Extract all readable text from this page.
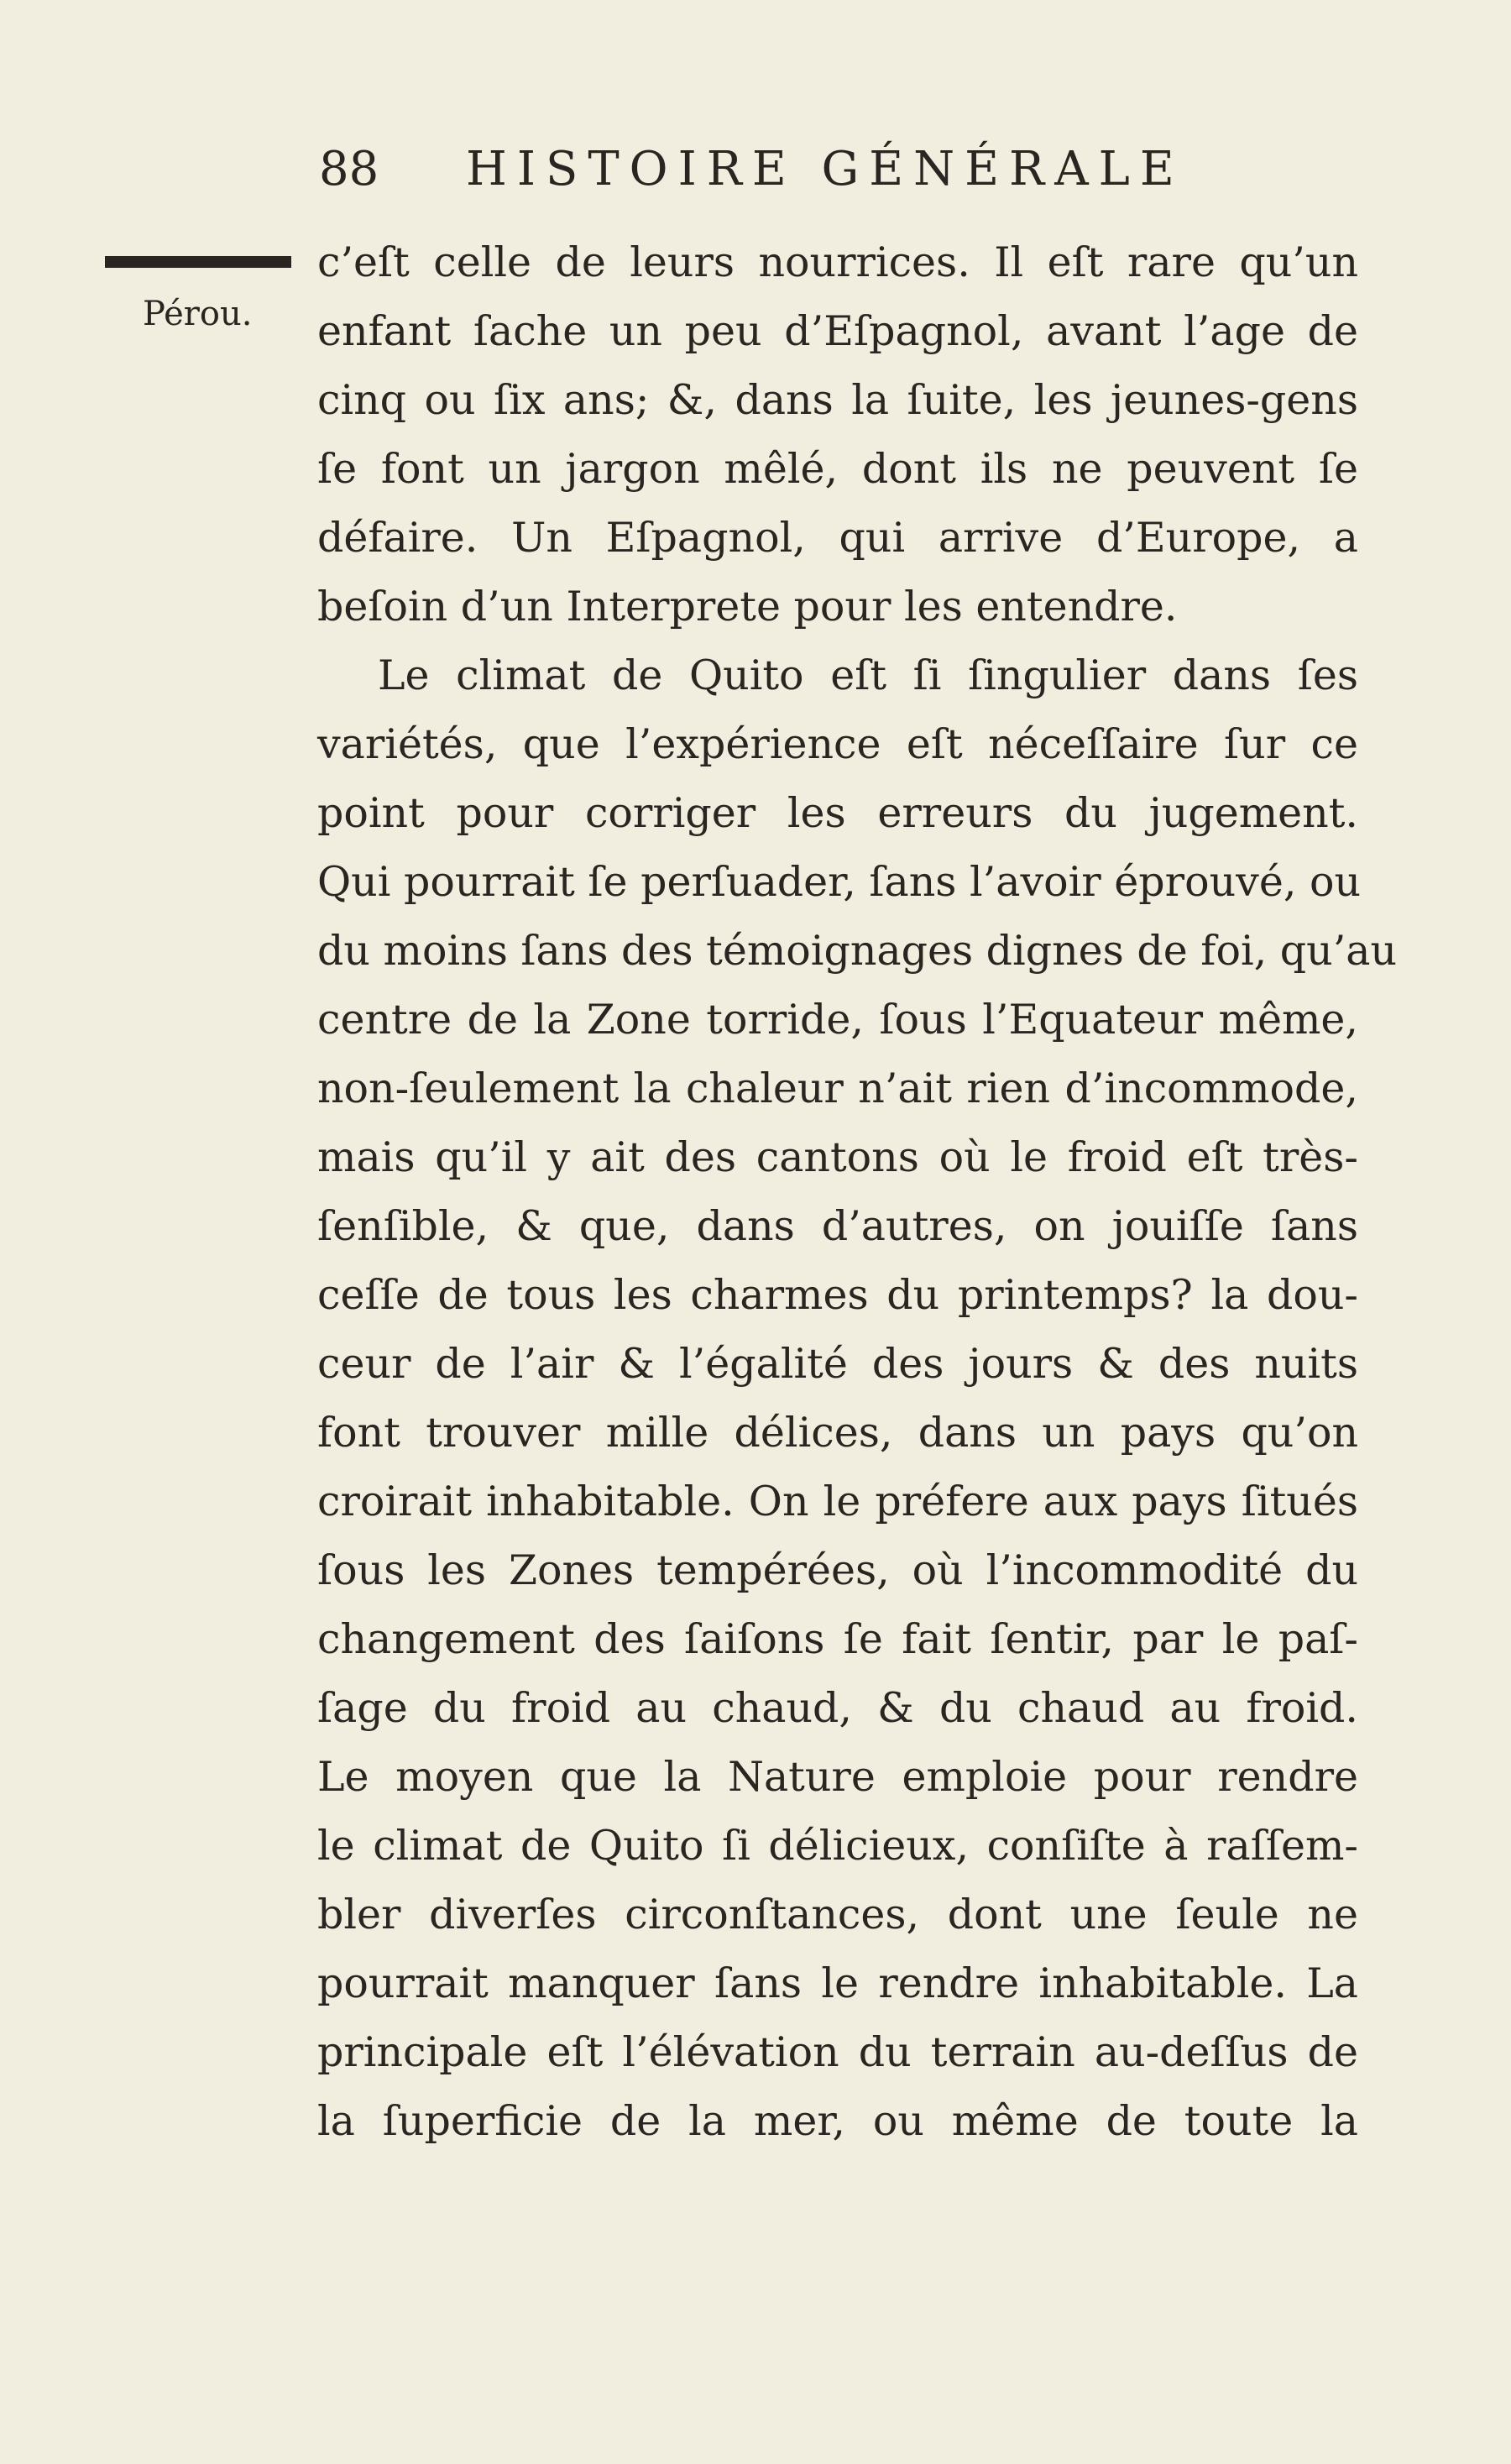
88 HISTOIRE GÉNÉRALE
Pérou.
c’eſt celle de leurs nourrices. Il eſt rare qu’un
enfant ſache un peu d’Eſpagnol, avant l’age de
cinq ou ſix ans; &, dans la ſuite, les jeunes-gens
ſe font un jargon mêlé, dont ils ne peuvent ſe
défaire. Un Eſpagnol, qui arrive d’Europe, a
beſoin d’un Interprete pour les entendre.
Le climat de Quito eſt ſi ſingulier dans ſes
variétés, que l’expérience eſt néceſſaire ſur ce
point pour corriger les erreurs du jugement.
Qui pourrait ſe perſuader, ſans l’avoir éprouvé, ou
du moins ſans des témoignages dignes de foi, qu’au
centre de la Zone torride, ſous l’Equateur même,
non-ſeulement la chaleur n’ait rien d’incommode,
mais qu’il y ait des cantons où le froid eſt très-
ſenſible, & que, dans d’autres, on jouiſſe ſans
ceſſe de tous les charmes du printemps? la dou-
ceur de l’air & l’égalité des jours & des nuits
font trouver mille délices, dans un pays qu’on
croirait inhabitable. On le préfere aux pays ſitués
ſous les Zones tempérées, où l’incommodité du
changement des ſaiſons ſe fait ſentir, par le paſ-
ſage du froid au chaud, & du chaud au froid.
Le moyen que la Nature emploie pour rendre
le climat de Quito ſi délicieux, conſiſte à raſſem-
bler diverſes circonſtances, dont une ſeule ne
pourrait manquer ſans le rendre inhabitable. La
principale eſt l’élévation du terrain au-deſſus de
la ſuperficie de la mer, ou même de toute la
